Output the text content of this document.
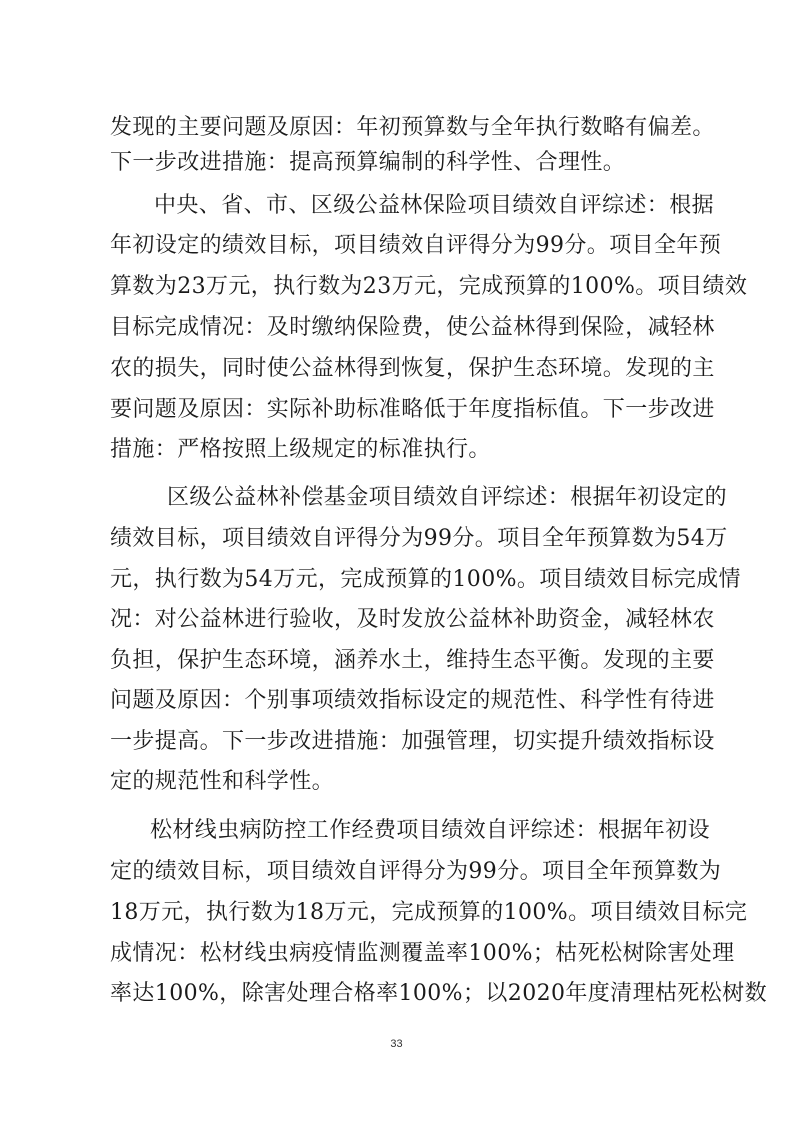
发现的主要问题及原因：年初预算数与全年执行数略有偏差。
下一步改进措施：提高预算编制的科学性、合理性。
中央、省、市、区级公益林保险项目绩效自评综述：根据
年初设定的绩效目标，项目绩效自评得分为99分。项目全年预
算数为23万元，执行数为23万元，完成预算的100%。项目绩效
目标完成情况：及时缴纳保险费，使公益林得到保险，减轻林
农的损失，同时使公益林得到恢复，保护生态环境。发现的主
要问题及原因：实际补助标准略低于年度指标值。下一步改进
措施：严格按照上级规定的标准执行。
区级公益林补偿基金项目绩效自评综述：根据年初设定的
绩效目标，项目绩效自评得分为99分。项目全年预算数为54万
元，执行数为54万元，完成预算的100%。项目绩效目标完成情
况：对公益林进行验收，及时发放公益林补助资金，减轻林农
负担，保护生态环境，涵养水土，维持生态平衡。发现的主要
问题及原因：个别事项绩效指标设定的规范性、科学性有待进
一步提高。下一步改进措施：加强管理，切实提升绩效指标设
定的规范性和科学性。
松材线虫病防控工作经费项目绩效自评综述：根据年初设
定的绩效目标，项目绩效自评得分为99分。项目全年预算数为
18万元，执行数为18万元，完成预算的100%。项目绩效目标完
成情况：松材线虫病疫情监测覆盖率100%；枯死松树除害处理
率达100%，除害处理合格率100%；以2020年度清理枯死松树数
33
